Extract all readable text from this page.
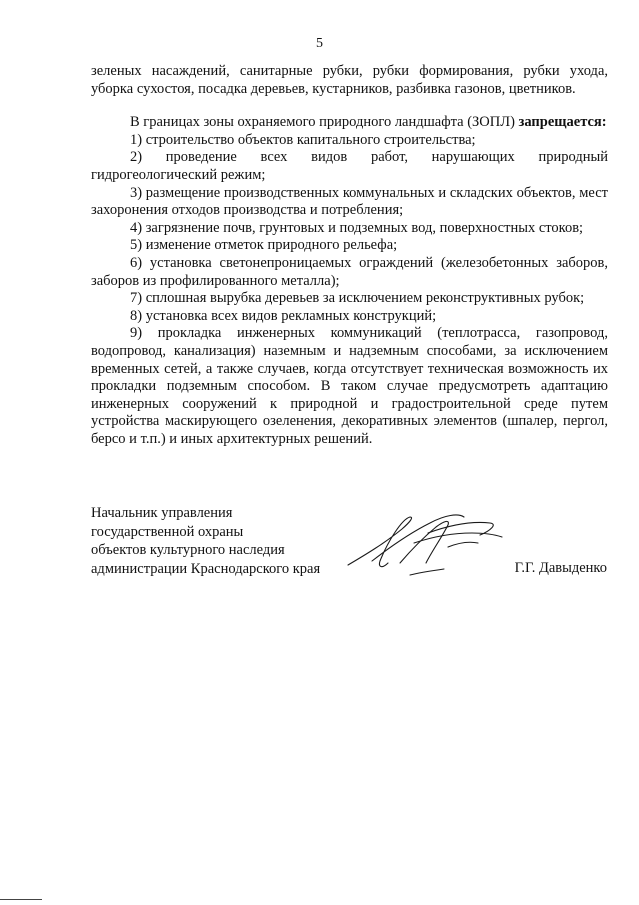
5

зеленых насаждений, санитарные рубки, рубки формирования, рубки ухода, уборка сухостоя, посадка деревьев, кустарников, разбивка газонов, цветников.

В границах зоны охраняемого природного ландшафта (ЗОПЛ) запрещается:

1) строительство объектов капитального строительства;

2) проведение всех видов работ, нарушающих природный гидрогеологический режим;

3) размещение производственных коммунальных и складских объектов, мест захоронения отходов производства и потребления;

4) загрязнение почв, грунтовых и подземных вод, поверхностных стоков;

5) изменение отметок природного рельефа;

6) установка светонепроницаемых ограждений (железобетонных заборов, заборов из профилированного металла);

7) сплошная вырубка деревьев за исключением реконструктивных рубок;

8) установка всех видов рекламных конструкций;

9) прокладка инженерных коммуникаций (теплотрасса, газопровод, водопровод, канализация) наземным и надземным способами, за исключением временных сетей, а также случаев, когда отсутствует техническая возможность их прокладки подземным способом. В таком случае предусмотреть адаптацию инженерных сооружений к природной и градостроительной среде путем устройства маскирующего озеленения, декоративных элементов (шпалер, пергол, берсо и т.п.) и иных архитектурных решений.

Начальник управления
государственной охраны
объектов культурного наследия
администрации Краснодарского края	Г.Г. Давыденко
